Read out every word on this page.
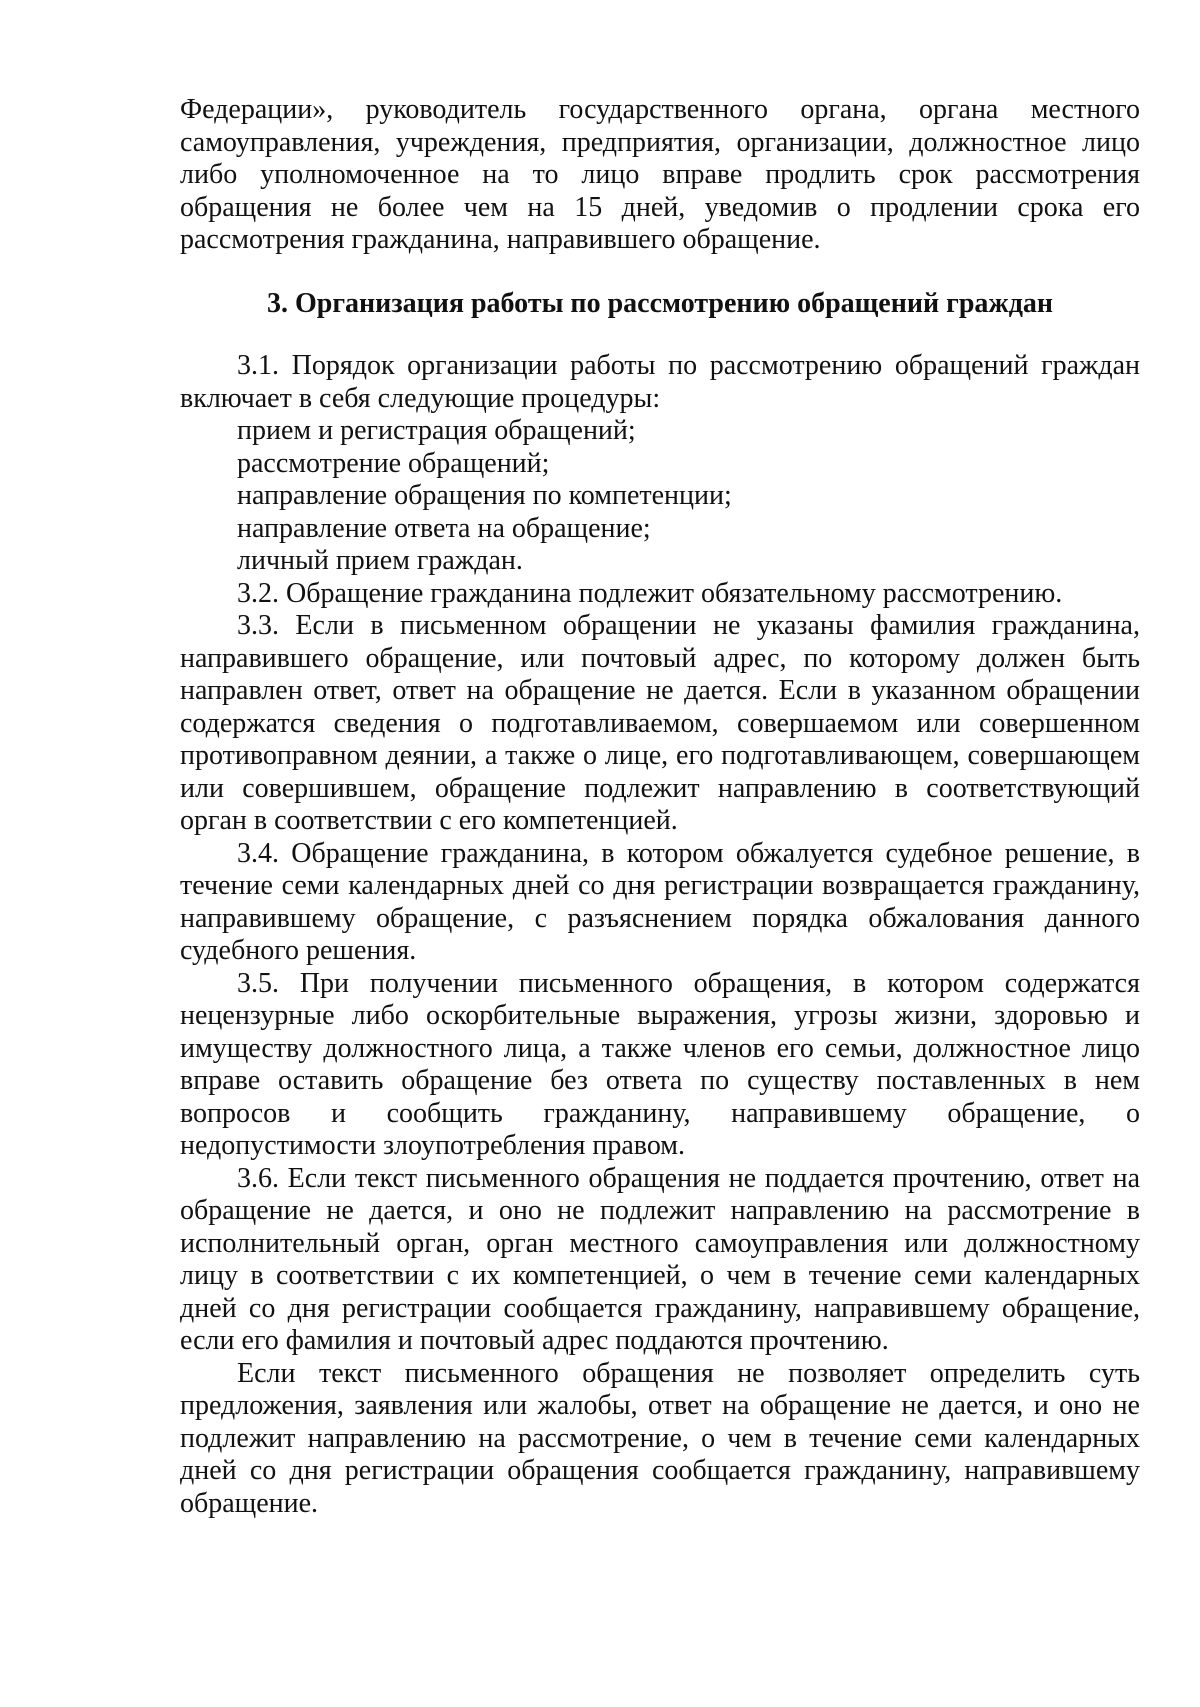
Федерации», руководитель государственного органа, органа местного самоуправления, учреждения, предприятия, организации, должностное лицо либо уполномоченное на то лицо вправе продлить срок рассмотрения обращения не более чем на 15 дней, уведомив о продлении срока его рассмотрения гражданина, направившего обращение.

3. Организация работы по рассмотрению обращений граждан

3.1. Порядок организации работы по рассмотрению обращений граждан включает в себя следующие процедуры:

прием и регистрация обращений;

рассмотрение обращений;

направление обращения по компетенции;

направление ответа на обращение;

личный прием граждан.

3.2. Обращение гражданина подлежит обязательному рассмотрению.

3.3. Если в письменном обращении не указаны фамилия гражданина, направившего обращение, или почтовый адрес, по которому должен быть направлен ответ, ответ на обращение не дается. Если в указанном обращении содержатся сведения о подготавливаемом, совершаемом или совершенном противоправном деянии, а также о лице, его подготавливающем, совершающем или совершившем, обращение подлежит направлению в соответствующий орган в соответствии с его компетенцией.

3.4. Обращение гражданина, в котором обжалуется судебное решение, в течение семи календарных дней со дня регистрации возвращается гражданину, направившему обращение, с разъяснением порядка обжалования данного судебного решения.

3.5. При получении письменного обращения, в котором содержатся нецензурные либо оскорбительные выражения, угрозы жизни, здоровью и имуществу должностного лица, а также членов его семьи, должностное лицо вправе оставить обращение без ответа по существу поставленных в нем вопросов и сообщить гражданину, направившему обращение, о недопустимости злоупотребления правом.

3.6. Если текст письменного обращения не поддается прочтению, ответ на обращение не дается, и оно не подлежит направлению на рассмотрение в исполнительный орган, орган местного самоуправления или должностному лицу в соответствии с их компетенцией, о чем в течение семи календарных дней со дня регистрации сообщается гражданину, направившему обращение, если его фамилия и почтовый адрес поддаются прочтению.

Если текст письменного обращения не позволяет определить суть предложения, заявления или жалобы, ответ на обращение не дается, и оно не подлежит направлению на рассмотрение, о чем в течение семи календарных дней со дня регистрации обращения сообщается гражданину, направившему обращение.
